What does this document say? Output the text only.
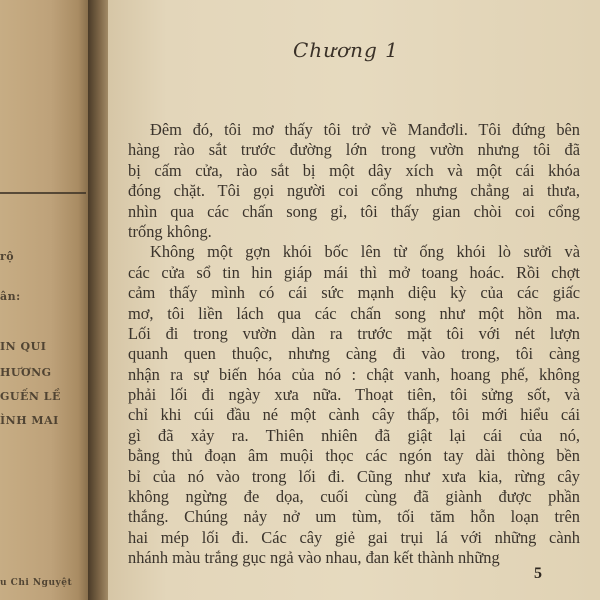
rộ
ân:
IN QUI
HƯƠNG
GUẾN LỀ
ÌNH MAI
u Chi Nguyệt
Chương 1
Đêm đó, tôi mơ thấy tôi trở về Manđơli. Tôi đứng bên
hàng rào sắt trước đường lớn trong vườn nhưng tôi đã
bị cấm cửa, rào sắt bị một dây xích và một cái khóa
đóng chặt. Tôi gọi người coi cổng nhưng chẳng ai thưa,
nhìn qua các chấn song gỉ, tôi thấy gian chòi coi cổng
trống không.
Không một gợn khói bốc lên từ ống khói lò sưởi và
các cửa sổ tin hin giáp mái thì mở toang hoác. Rồi chợt
cảm thấy mình có cái sức mạnh diệu kỳ của các giấc
mơ, tôi liền lách qua các chấn song như một hồn ma.
Lối đi trong vườn dàn ra trước mặt tôi với nét lượn
quanh quen thuộc, nhưng càng đi vào trong, tôi càng
nhận ra sự biến hóa của nó : chật vanh, hoang phế, không
phải lối đi ngày xưa nữa. Thoạt tiên, tôi sửng sốt, và
chỉ khi cúi đầu né một cành cây thấp, tôi mới hiểu cái
gì đã xảy ra. Thiên nhiên đã giật lại cái của nó,
bằng thủ đoạn âm muội thọc các ngón tay dài thòng bền
bỉ của nó vào trong lối đi. Cũng như xưa kia, rừng cây
không ngừng đe dọa, cuối cùng đã giành được phần
thắng. Chúng nảy nở um tùm, tối tăm hỗn loạn trên
hai mép lối đi. Các cây giẻ gai trụi lá với những cành
nhánh màu trắng gục ngả vào nhau, đan kết thành những
5
